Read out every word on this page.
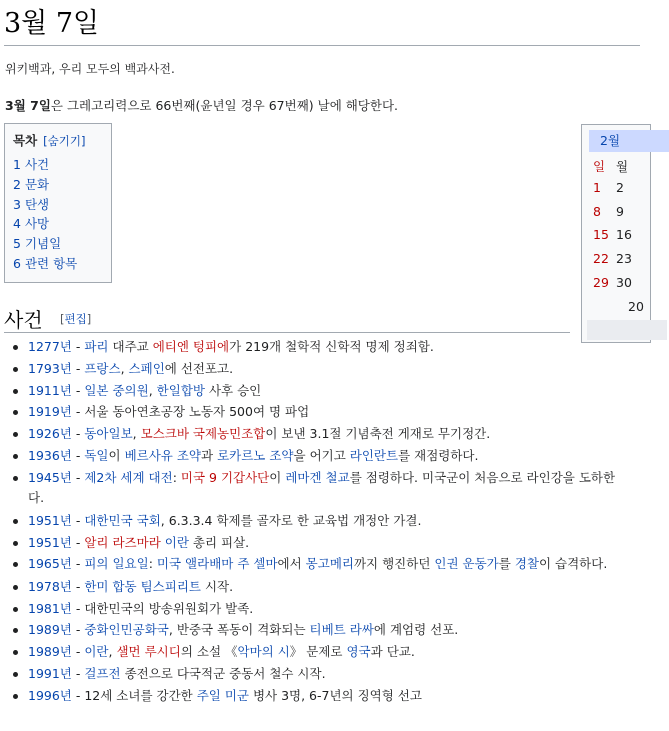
3월 7일
위키백과, 우리 모두의 백과사전.
3월 7일은 그레고리력으로 66번째(윤년일 경우 67번째) 날에 해당한다.
목차 [숨기기]
1 사건
2 문화
3 탄생
4 사망
5 기념일
6 관련 항목
2월
일 월
1 2
8 9
15 16
22 23
29 30
20
사건 [편집]
1277년 - 파리 대주교 에티엔 텅피에가 219개 철학적 신학적 명제 정죄함.
1793년 - 프랑스, 스페인에 선전포고.
1911년 - 일본 중의원, 한일합방 사후 승인
1919년 - 서울 동아연초공장 노동자 500여 명 파업
1926년 - 동아일보, 모스크바 국제농민조합이 보낸 3.1절 기념축전 게재로 무기정간.
1936년 - 독일이 베르사유 조약과 로카르노 조약을 어기고 라인란트를 재점령하다.
1945년 - 제2차 세계 대전: 미국 9 기갑사단이 레마겐 철교를 점령하다. 미국군이 처음으로 라인강을 도하한다.
1951년 - 대한민국 국회, 6.3.3.4 학제를 골자로 한 교육법 개정안 가결.
1951년 - 알리 라즈마라 이란 총리 피살.
1965년 - 피의 일요일: 미국 앨라배마 주 셀마에서 몽고메리까지 행진하던 인권 운동가를 경찰이 습격하다.
1978년 - 한미 합동 팀스피리트 시작.
1981년 - 대한민국의 방송위원회가 발족.
1989년 - 중화인민공화국, 반중국 폭동이 격화되는 티베트 라싸에 계엄령 선포.
1989년 - 이란, 샐먼 루시디의 소설 《악마의 시》 문제로 영국과 단교.
1991년 - 걸프전 종전으로 다국적군 중동서 철수 시작.
1996년 - 12세 소녀를 강간한 주일 미군 병사 3명, 6-7년의 징역형 선고
